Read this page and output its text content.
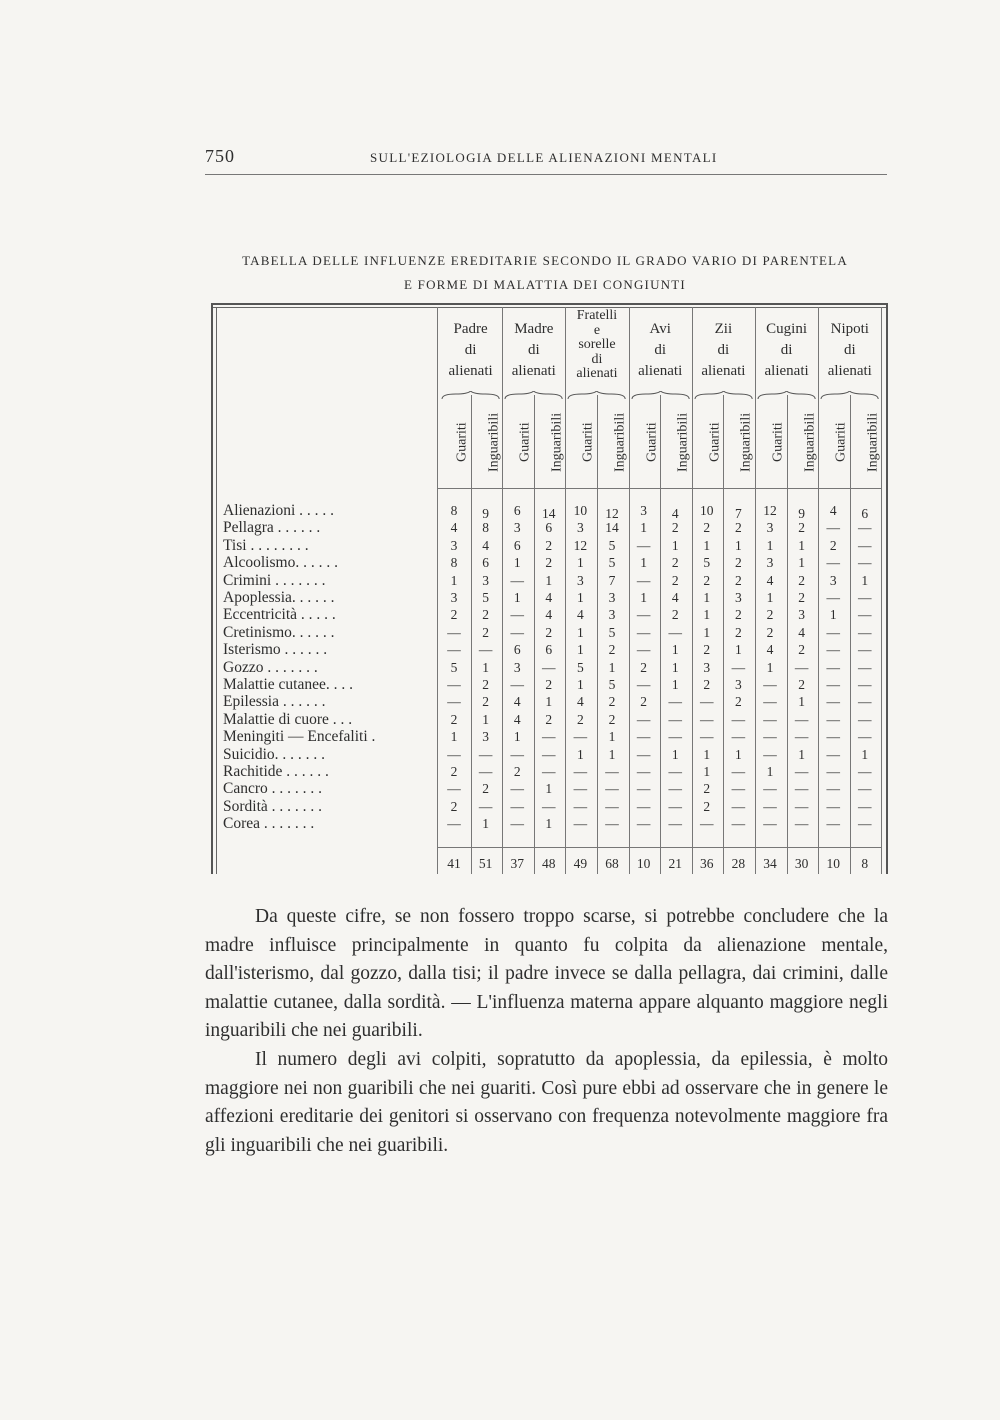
750	SULL'EZIOLOGIA DELLE ALIENAZIONI MENTALI
TABELLA DELLE INFLUENZE EREDITARIE SECONDO IL GRADO VARIO DI PARENTELA
E FORME DI MALATTIA DEI CONGIUNTI
Padre
di
alienati
Guariti	Inguaribili
Madre
di
alienati
Guariti	Inguaribili
Fratelli
e
sorelle
di
alienati
Guariti	Inguaribili
Avi
di
alienati
Guariti	Inguaribili
Zii
di
alienati
Guariti	Inguaribili
Cugini
di
alienati
Guariti	Inguaribili
Nipoti
di
alienati
Guariti	Inguaribili
Alienazioni . . . . .	8	9	6	14	10	12	3	4	10	7	12	9	4	6
Pellagra . . . . . .	4	8	3	6	3	14	1	2	2	2	3	2	—	—
Tisi . . . . . . . .	3	4	6	2	12	5	—	1	1	1	1	1	2	—
Alcoolismo. . . . . .	8	6	1	2	1	5	1	2	5	2	3	1	—	—
Crimini . . . . . . .	1	3	—	1	3	7	—	2	2	2	4	2	3	1
Apoplessia. . . . . .	3	5	1	4	1	3	1	4	1	3	1	2	—	—
Eccentricità . . . . .	2	2	—	4	4	3	—	2	1	2	2	3	1	—
Cretinismo. . . . . .	—	2	—	2	1	5	—	—	1	2	2	4	—	—
Isterismo . . . . . .	—	—	6	6	1	2	—	1	2	1	4	2	—	—
Gozzo . . . . . . .	5	1	3	—	5	1	2	1	3	—	1	—	—	—
Malattie cutanee. . . .	—	2	—	2	1	5	—	1	2	3	—	2	—	—
Epilessia . . . . . .	—	2	4	1	4	2	2	—	—	2	—	1	—	—
Malattie di cuore . . .	2	1	4	2	2	2	—	—	—	—	—	—	—	—
Meningiti — Encefaliti .	1	3	1	—	—	1	—	—	—	—	—	—	—	—
Suicidio. . . . . . .	—	—	—	—	1	1	—	1	1	1	—	1	—	1
Rachitide . . . . . .	2	—	2	—	—	—	—	—	1	—	1	—	—	—
Cancro . . . . . . .	—	2	—	1	—	—	—	—	2	—	—	—	—	—
Sordità . . . . . . .	2	—	—	—	—	—	—	—	2	—	—	—	—	—
Corea . . . . . . .	—	1	—	1	—	—	—	—	—	—	—	—	—	—
41	51	37	48	49	68	10	21	36	28	34	30	10	8

Da queste cifre, se non fossero troppo scarse, si potrebbe concludere che la madre influisce principalmente in quanto fu colpita da alienazione mentale, dall'isterismo, dal gozzo, dalla tisi; il padre invece se dalla pellagra, dai crimini, dalle malattie cutanee, dalla sordità. — L'influenza materna appare alquanto maggiore negli inguaribili che nei guaribili.

Il numero degli avi colpiti, sopratutto da apoplessia, da epilessia, è molto maggiore nei non guaribili che nei guariti. Così pure ebbi ad osservare che in genere le affezioni ereditarie dei genitori si osservano con frequenza notevolmente maggiore fra gli inguaribili che nei guaribili.
